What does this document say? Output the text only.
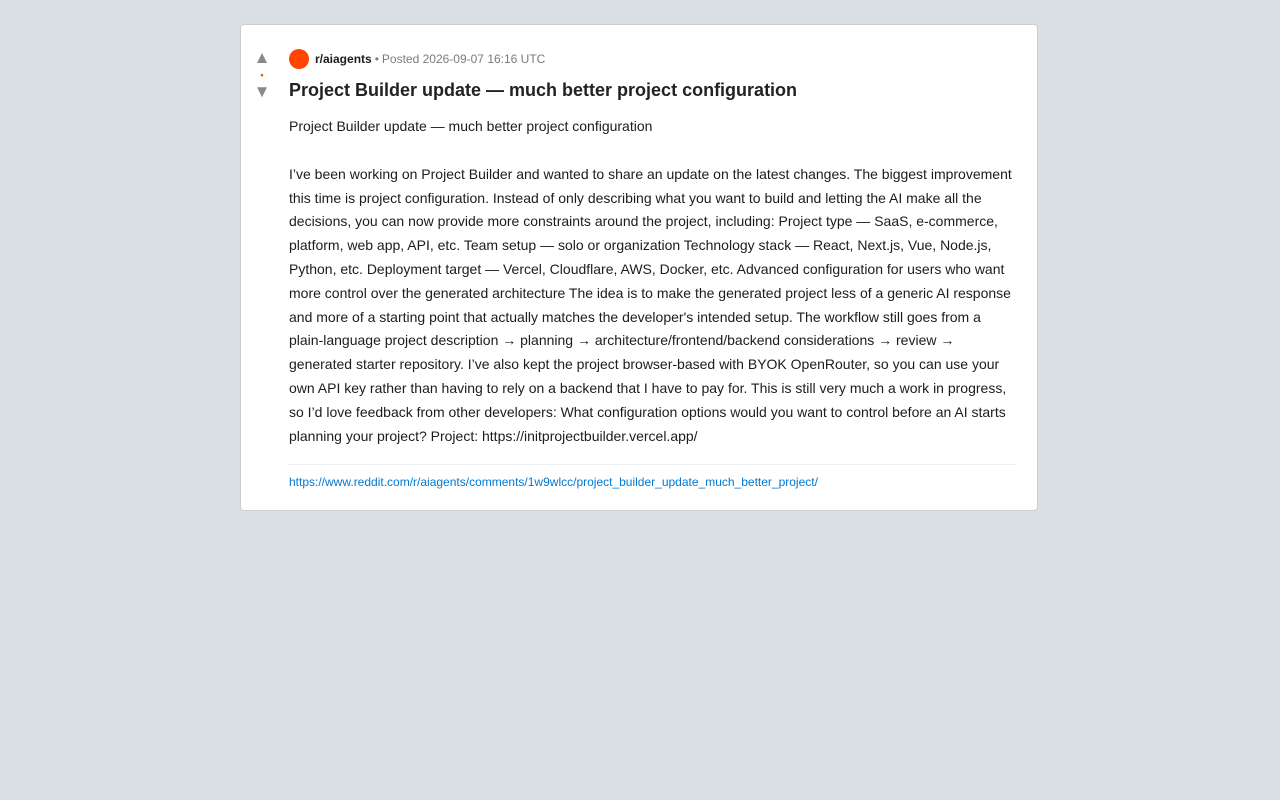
▲
•
▼
r/aiagents • Posted 2026-09-07 16:16 UTC
Project Builder update — much better project configuration

Project Builder update — much better project configuration

I’ve been working on Project Builder and wanted to share an update on the latest changes. The biggest improvement this time is project configuration. Instead of only describing what you want to build and letting the AI make all the decisions, you can now provide more constraints around the project, including: Project type — SaaS, e-commerce, platform, web app, API, etc. Team setup — solo or organization Technology stack — React, Next.js, Vue, Node.js, Python, etc. Deployment target — Vercel, Cloudflare, AWS, Docker, etc. Advanced configuration for users who want more control over the generated architecture The idea is to make the generated project less of a generic AI response and more of a starting point that actually matches the developer's intended setup. The workflow still goes from a plain-language project description → planning → architecture/frontend/backend considerations → review → generated starter repository. I’ve also kept the project browser-based with BYOK OpenRouter, so you can use your own API key rather than having to rely on a backend that I have to pay for. This is still very much a work in progress, so I’d love feedback from other developers: What configuration options would you want to control before an AI starts planning your project? Project: https://initprojectbuilder.vercel.app/

https://www.reddit.com/r/aiagents/comments/1w9wlcc/project_builder_update_much_better_project/
